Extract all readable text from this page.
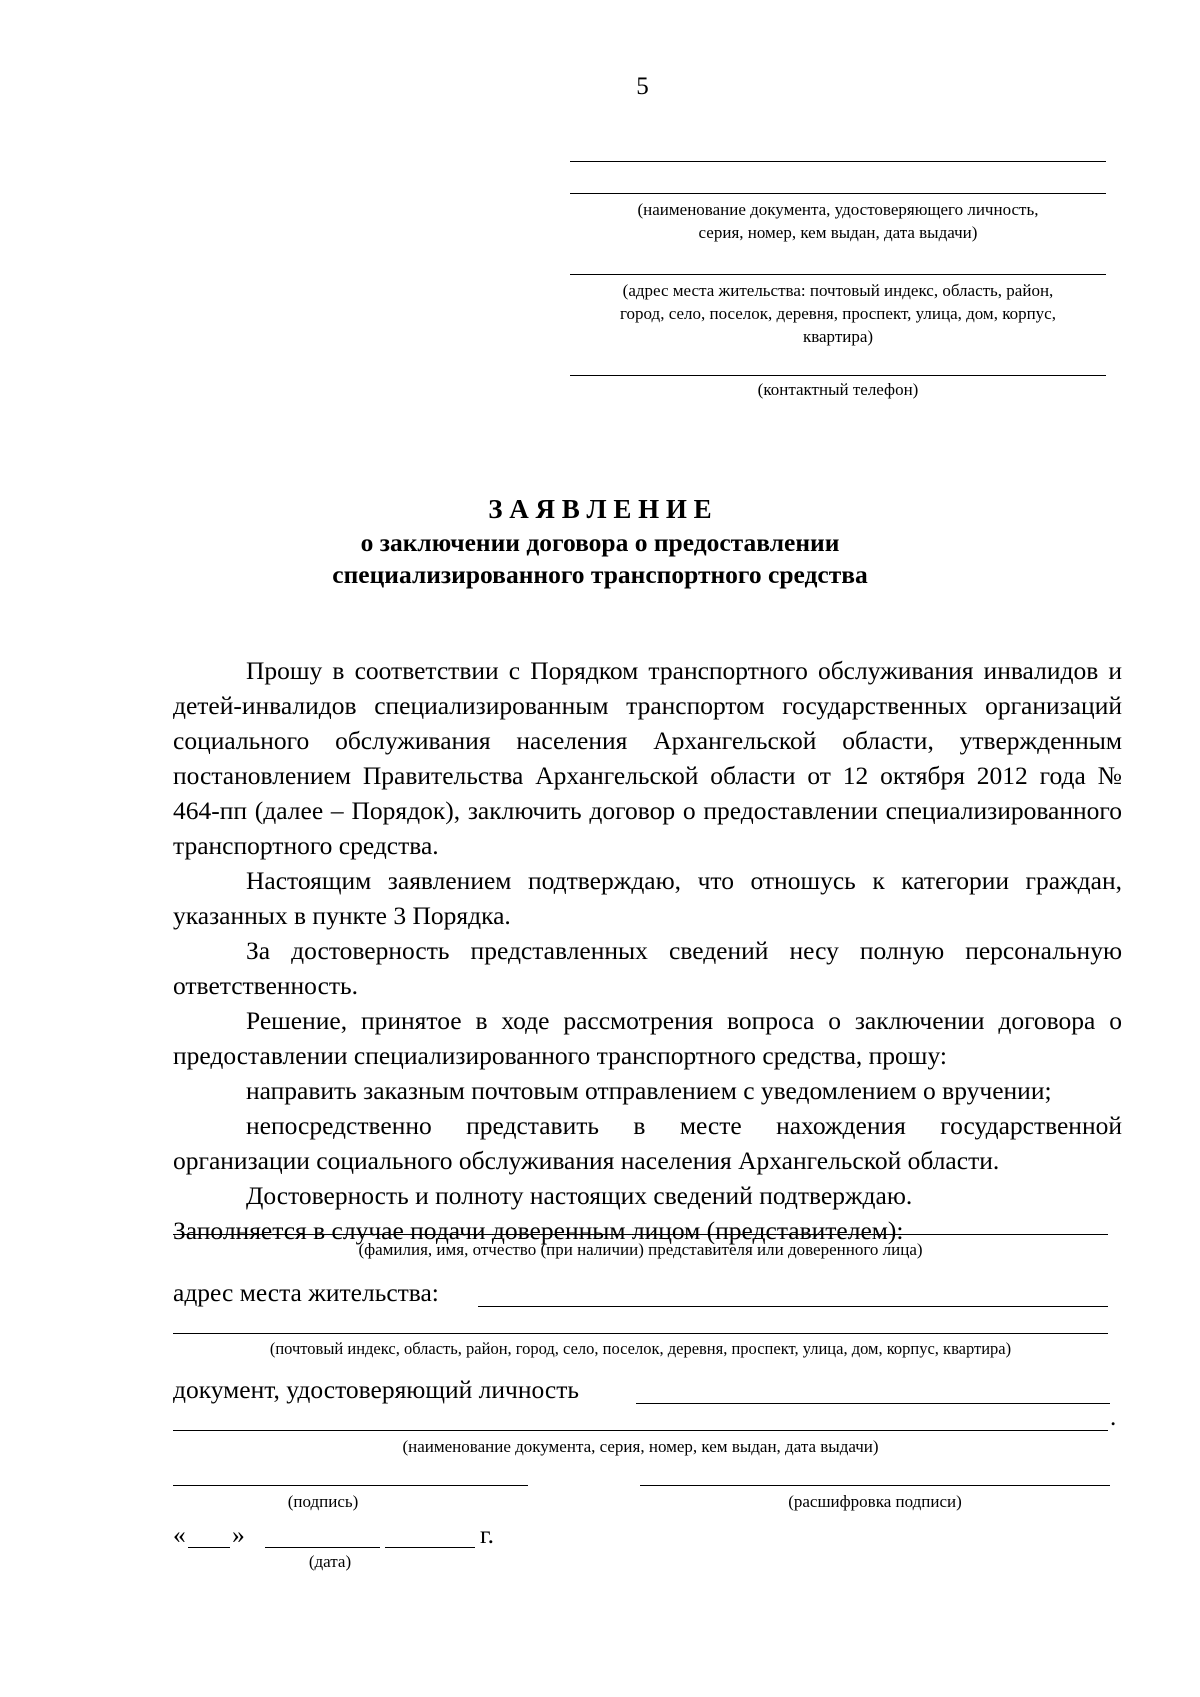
5
(наименование документа, удостоверяющего личность,
серия, номер, кем выдан, дата выдачи)
(адрес места жительства: почтовый индекс, область, район,
город, село, поселок, деревня, проспект, улица, дом, корпус,
квартира)
(контактный телефон)
З А Я В Л Е Н И Е
о заключении договора о предоставлении
специализированного транспортного средства

Прошу в соответствии с Порядком транспортного обслуживания инвалидов и детей-инвалидов специализированным транспортом государственных организаций социального обслуживания населения Архангельской области, утвержденным постановлением Правительства Архангельской области от 12 октября 2012 года № 464-пп (далее – Порядок), заключить договор о предоставлении специализированного транспортного средства.

Настоящим заявлением подтверждаю, что отношусь к категории граждан, указанных в пункте 3 Порядка.

За достоверность представленных сведений несу полную персональную ответственность.

Решение, принятое в ходе рассмотрения вопроса о заключении договора о предоставлении специализированного транспортного средства, прошу:

направить заказным почтовым отправлением с уведомлением о вручении;

непосредственно представить в месте нахождения государственной организации социального обслуживания населения Архангельской области.

Достоверность и полноту настоящих сведений подтверждаю.

Заполняется в случае подачи доверенным лицом (представителем):

(фамилия, имя, отчество (при наличии) представителя или доверенного лица)
адрес места жительства:
(почтовый индекс, область, район, город, село, поселок, деревня, проспект, улица, дом, корпус, квартира)
документ, удостоверяющий личность
.
(наименование документа, серия, номер, кем выдан, дата выдачи)
(подпись)	(расшифровка подписи)
« »	г.
(дата)
